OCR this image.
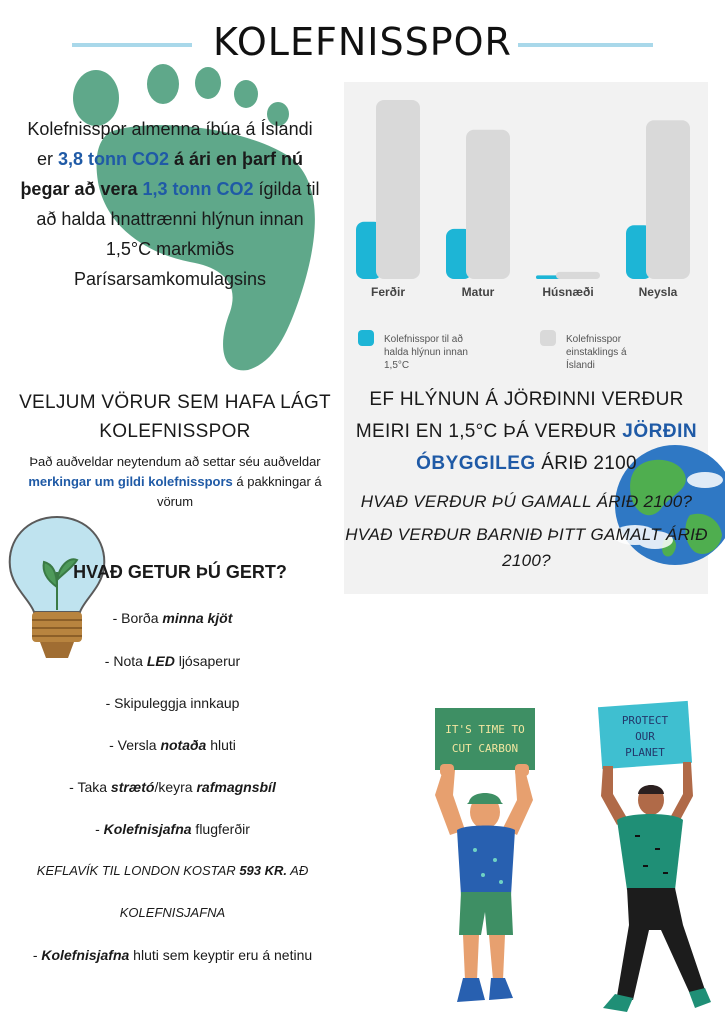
KOLEFNISSPOR
Kolefnisspor almenna íbúa á Íslandi er 3,8 tonn CO2 á ári en þarf nú þegar að vera 1,3 tonn CO2 ígilda til að halda hnattrænni hlýnun innan 1,5°C markmiðs Parísarsamkomulagsins
Ferðir	Matur	Húsnæði	Neysla
Kolefnisspor til að halda hlýnun innan 1,5°C
Kolefnisspor einstaklings á Íslandi
VELJUM VÖRUR SEM HAFA LÁGT KOLEFNISSPOR
Það auðveldar neytendum að settar séu auðveldar merkingar um gildi kolefnisspors á pakkningar á vörum
EF HLÝNUN Á JÖRÐINNI VERÐUR MEIRI EN 1,5°C ÞÁ VERÐUR JÖRÐIN ÓBYGGILEG ÁRIÐ 2100
HVAÐ VERÐUR ÞÚ GAMALL ÁRIÐ 2100?
HVAÐ VERÐUR BARNIÐ ÞITT GAMALT ÁRIÐ 2100?
HVAÐ GETUR ÞÚ GERT?
- Borða minna kjöt
- Nota LED ljósaperur
- Skipuleggja innkaup
- Versla notaða hluti
- Taka strætó/keyra rafmagnsbíl
- Kolefnisjafna flugferðir
KEFLAVÍK TIL LONDON KOSTAR 593 KR. AÐ
KOLEFNISJAFNA
- Kolefnisjafna hluti sem keyptir eru á netinu
IT'S TIME TO
CUT CARBON
PROTECT
OUR
PLANET
